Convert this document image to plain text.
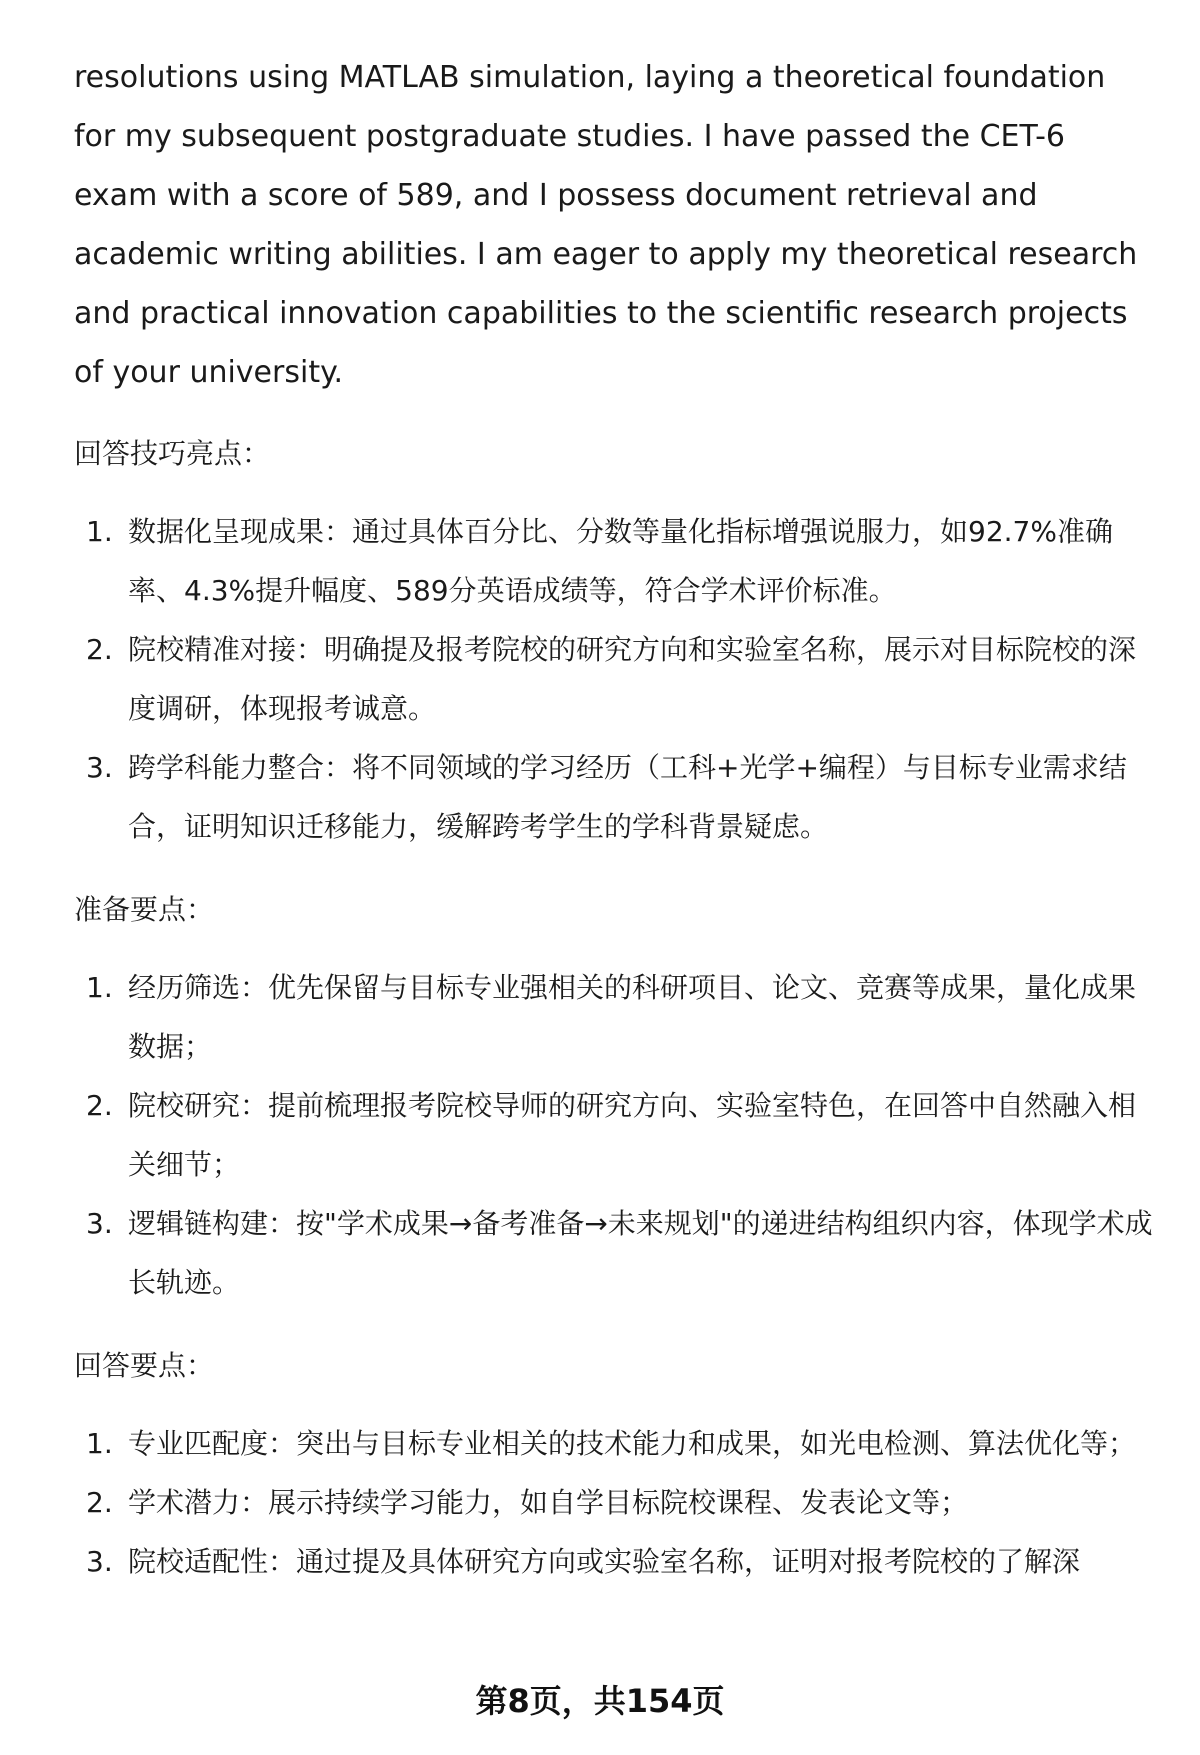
resolutions using MATLAB simulation, laying a theoretical foundation for my subsequent postgraduate studies. I have passed the CET-6 exam with a score of 589, and I possess document retrieval and academic writing abilities. I am eager to apply my theoretical research and practical innovation capabilities to the scientific research projects of your university.

回答技巧亮点：

1. 数据化呈现成果：通过具体百分比、分数等量化指标增强说服力，如92.7%准确率、4.3%提升幅度、589分英语成绩等，符合学术评价标准。
2. 院校精准对接：明确提及报考院校的研究方向和实验室名称，展示对目标院校的深度调研，体现报考诚意。
3. 跨学科能力整合：将不同领域的学习经历（工科+光学+编程）与目标专业需求结合，证明知识迁移能力，缓解跨考学生的学科背景疑虑。

准备要点：

1. 经历筛选：优先保留与目标专业强相关的科研项目、论文、竞赛等成果，量化成果数据；
2. 院校研究：提前梳理报考院校导师的研究方向、实验室特色，在回答中自然融入相关细节；
3. 逻辑链构建：按"学术成果→备考准备→未来规划"的递进结构组织内容，体现学术成长轨迹。

回答要点：

1. 专业匹配度：突出与目标专业相关的技术能力和成果，如光电检测、算法优化等；
2. 学术潜力：展示持续学习能力，如自学目标院校课程、发表论文等；
3. 院校适配性：通过提及具体研究方向或实验室名称，证明对报考院校的了解深
第8页，共154页
